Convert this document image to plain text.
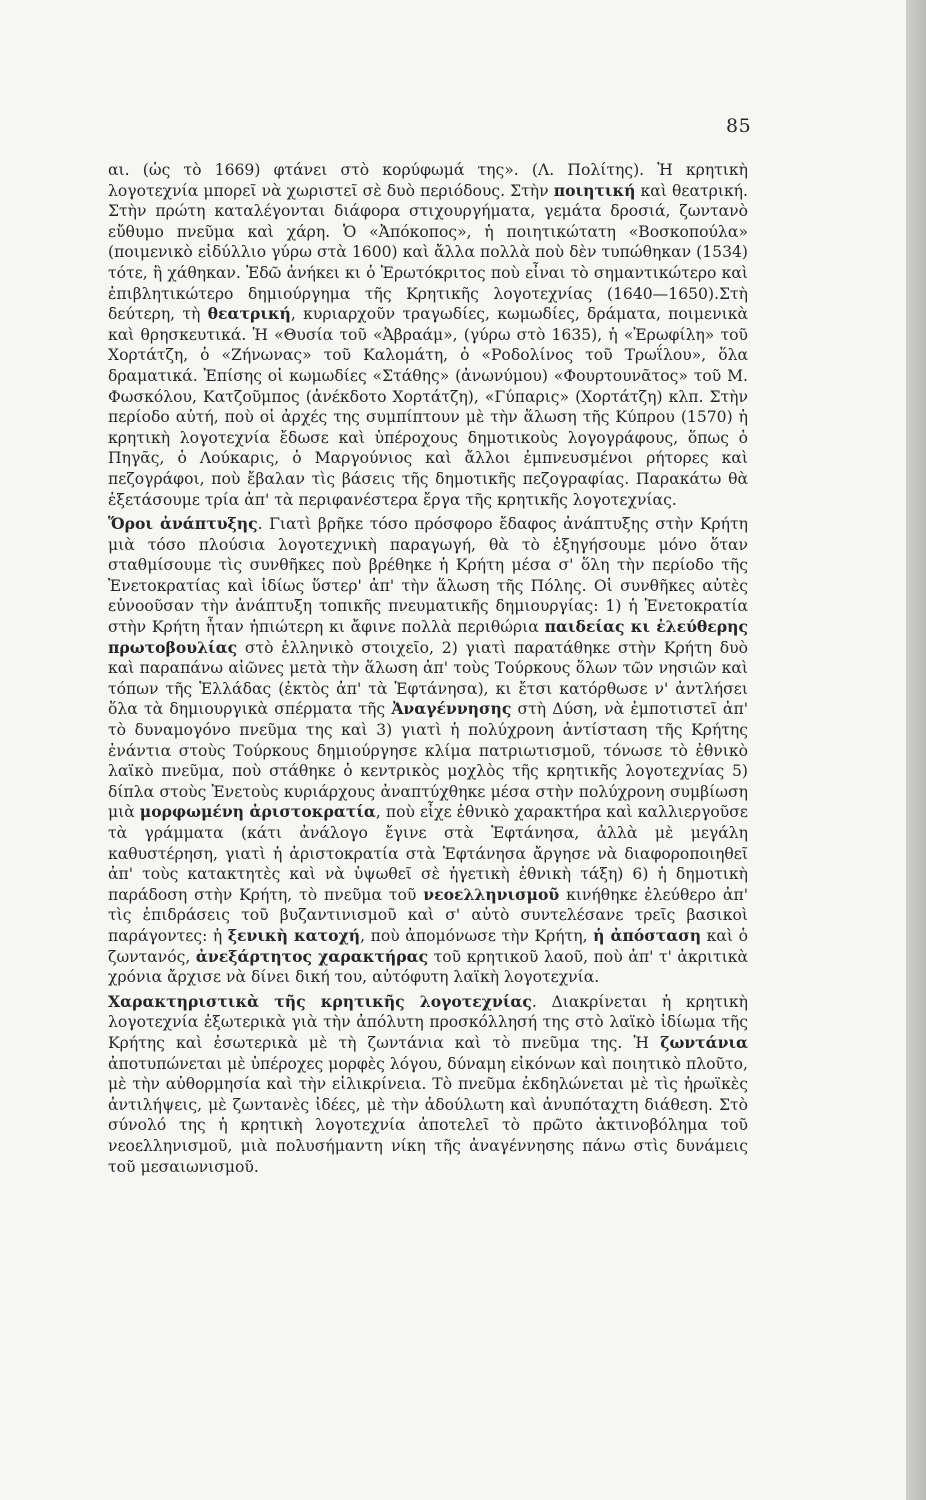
85

αι. (ὡς τὸ 1669) φτάνει στὸ κορύφωμά της». (Λ. Πολίτης). Ἡ κρητικὴ λογοτεχνία μπορεῖ νὰ χωριστεῖ σὲ δυὸ περιόδους. Στὴν ποιητική καὶ θεατρική. Στὴν πρώτη καταλέγονται διάφορα στιχουργήματα, γεμάτα δροσιά, ζωντανὸ εὔθυμο πνεῦμα καὶ χάρη. Ὁ «Ἀπόκοπος», ἡ ποιητικώτατη «Βοσκοπούλα» (ποιμενικὸ εἰδύλλιο γύρω στὰ 1600) καὶ ἄλλα πολλὰ ποὺ δὲν τυπώθηκαν (1534) τότε, ἢ χάθηκαν. Ἐδῶ ἀνήκει κι ὁ Ἐρωτόκριτος ποὺ εἶναι τὸ σημαντικώτερο καὶ ἐπιβλητικώτερο δημιούργημα τῆς Κρητικῆς λογοτεχνίας (1640—1650).Στὴ δεύτερη, τὴ θεατρική, κυριαρχοῦν τραγωδίες, κωμωδίες, δράματα, ποιμενικὰ καὶ θρησκευτικά. Ἡ «Θυσία τοῦ «Ἀβραάμ», (γύρω στὸ 1635), ἡ «Ἐρωφίλη» τοῦ Χορτάτζη, ὁ «Ζήνωνας» τοῦ Καλομάτη, ὁ «Ροδολίνος τοῦ Τρωΐλου», ὅλα δραματικά. Ἐπίσης οἱ κωμωδίες «Στάθης» (ἀνωνύμου) «Φουρτουνᾶτος» τοῦ Μ. Φωσκόλου, Κατζοῦμπος (ἀνέκδοτο Χορτάτζη), «Γύπαρις» (Χορτάτζη) κλπ. Στὴν περίοδο αὐτή, ποὺ οἱ ἀρχές της συμπίπτουν μὲ τὴν ἅλωση τῆς Κύπρου (1570) ἡ κρητικὴ λογοτεχνία ἔδωσε καὶ ὑπέροχους δημοτικοὺς λογογράφους, ὅπως ὁ Πηγᾶς, ὁ Λούκαρις, ὁ Μαργούνιος καὶ ἄλλοι ἐμπνευσμένοι ρήτορες καὶ πεζογράφοι, ποὺ ἔβαλαν τὶς βάσεις τῆς δημοτικῆς πεζογραφίας. Παρακάτω θὰ ἐξετάσουμε τρία ἀπ' τὰ περιφανέστερα ἔργα τῆς κρητικῆς λογοτεχνίας.

Ὅροι ἀνάπτυξης. Γιατὶ βρῆκε τόσο πρόσφορο ἔδαφος ἀνάπτυξης στὴν Κρήτη μιὰ τόσο πλούσια λογοτεχνικὴ παραγωγή, θὰ τὸ ἐξηγήσουμε μόνο ὅταν σταθμίσουμε τὶς συνθῆκες ποὺ βρέθηκε ἡ Κρήτη μέσα σ' ὅλη τὴν περίοδο τῆς Ἑνετοκρατίας καὶ ἰδίως ὕστερ' ἀπ' τὴν ἅλωση τῆς Πόλης. Οἱ συνθῆκες αὐτὲς εὐνοοῦσαν τὴν ἀνάπτυξη τοπικῆς πνευματικῆς δημιουργίας: 1) ἡ Ἑνετοκρατία στὴν Κρήτη ἦταν ἠπιώτερη κι ἄφινε πολλὰ περιθώρια παιδείας κι ἐλεύθερης πρωτοβουλίας στὸ ἑλληνικὸ στοιχεῖο, 2) γιατὶ παρατάθηκε στὴν Κρήτη δυὸ καὶ παραπάνω αἰῶνες μετὰ τὴν ἅλωση ἀπ' τοὺς Τούρκους ὅλων τῶν νησιῶν καὶ τόπων τῆς Ἑλλάδας (ἐκτὸς ἀπ' τὰ Ἑφτάνησα), κι ἔτσι κατόρθωσε ν' ἀντλήσει ὅλα τὰ δημιουργικὰ σπέρματα τῆς Ἀναγέννησης στὴ Δύση, νὰ ἐμποτιστεῖ ἀπ' τὸ δυναμογόνο πνεῦμα της καὶ 3) γιατὶ ἡ πολύχρονη ἀντίσταση τῆς Κρήτης ἐνάντια στοὺς Τούρκους δημιούργησε κλίμα πατριωτισμοῦ, τόνωσε τὸ ἐθνικὸ λαϊκὸ πνεῦμα, ποὺ στάθηκε ὁ κεντρικὸς μοχλὸς τῆς κρητικῆς λογοτεχνίας 5) δίπλα στοὺς Ἑνετοὺς κυριάρχους ἀναπτύχθηκε μέσα στὴν πολύχρονη συμβίωση μιὰ μορφωμένη ἀριστοκρατία, ποὺ εἶχε ἐθνικὸ χαρακτήρα καὶ καλλιεργοῦσε τὰ γράμματα (κάτι ἀνάλογο ἔγινε στὰ Ἑφτάνησα, ἀλλὰ μὲ μεγάλη καθυστέρηση, γιατὶ ἡ ἀριστοκρατία στὰ Ἑφτάνησα ἄργησε νὰ διαφοροποιηθεῖ ἀπ' τοὺς κατακτητὲς καὶ νὰ ὑψωθεῖ σὲ ἡγετικὴ ἐθνικὴ τάξη) 6) ἡ δημοτικὴ παράδοση στὴν Κρήτη, τὸ πνεῦμα τοῦ νεοελληνισμοῦ κινήθηκε ἐλεύθερο ἀπ' τὶς ἐπιδράσεις τοῦ βυζαντινισμοῦ καὶ σ' αὐτὸ συντελέσανε τρεῖς βασικοὶ παράγοντες: ἡ ξενικὴ κατοχή, ποὺ ἀπομόνωσε τὴν Κρήτη, ἡ ἀπόσταση καὶ ὁ ζωντανός, ἀνεξάρτητος χαρακτήρας τοῦ κρητικοῦ λαοῦ, ποὺ ἀπ' τ' ἀκριτικὰ χρόνια ἄρχισε νὰ δίνει δική του, αὐτόφυτη λαϊκὴ λογοτεχνία.

Χαρακτηριστικὰ τῆς κρητικῆς λογοτεχνίας. Διακρίνεται ἡ κρητικὴ λογοτεχνία ἐξωτερικὰ γιὰ τὴν ἀπόλυτη προσκόλλησή της στὸ λαϊκὸ ἰδίωμα τῆς Κρήτης καὶ ἐσωτερικὰ μὲ τὴ ζωντάνια καὶ τὸ πνεῦμα της. Ἡ ζωντάνια ἀποτυπώνεται μὲ ὑπέροχες μορφὲς λόγου, δύναμη εἰκόνων καὶ ποιητικὸ πλοῦτο, μὲ τὴν αὐθορμησία καὶ τὴν εἰλικρίνεια. Τὸ πνεῦμα ἐκδηλώνεται μὲ τὶς ἡρωϊκὲς ἀντιλήψεις, μὲ ζωντανὲς ἰδέες, μὲ τὴν ἀδούλωτη καὶ ἀνυπόταχτη διάθεση. Στὸ σύνολό της ἡ κρητικὴ λογοτεχνία ἀποτελεῖ τὸ πρῶτο ἀκτινοβόλημα τοῦ νεοελληνισμοῦ, μιὰ πολυσήμαντη νίκη τῆς ἀναγέννησης πάνω στὶς δυνάμεις τοῦ μεσαιωνισμοῦ.
